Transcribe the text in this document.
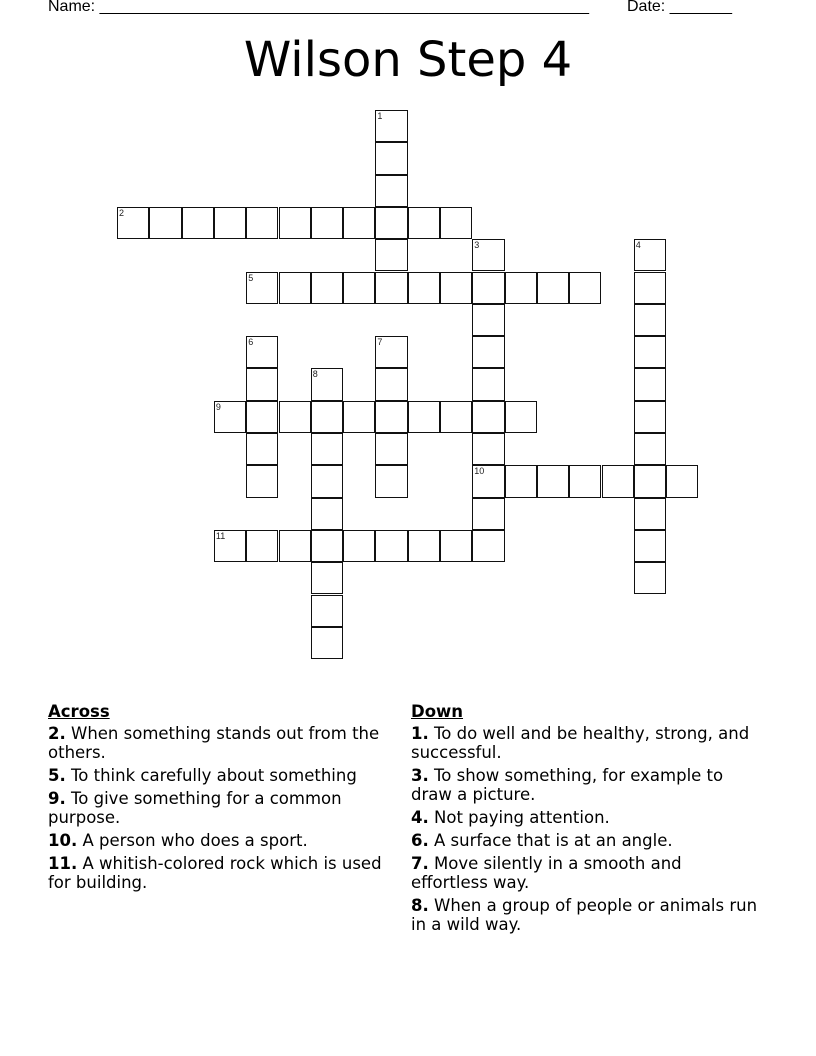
Name: _______________________________________________________ Date: _______
Wilson Step 4
1
2
3
10
4
5
6	7
8
9
11
Across
2. When something stands out from the others.
5. To think carefully about something
9. To give something for a common purpose.
10. A person who does a sport.
11. A whitish-colored rock which is used for building.
Down
1. To do well and be healthy, strong, and successful.
3. To show something, for example to draw a picture.
4. Not paying attention.
6. A surface that is at an angle.
7. Move silently in a smooth and effortless way.
8. When a group of people or animals run in a wild way.
